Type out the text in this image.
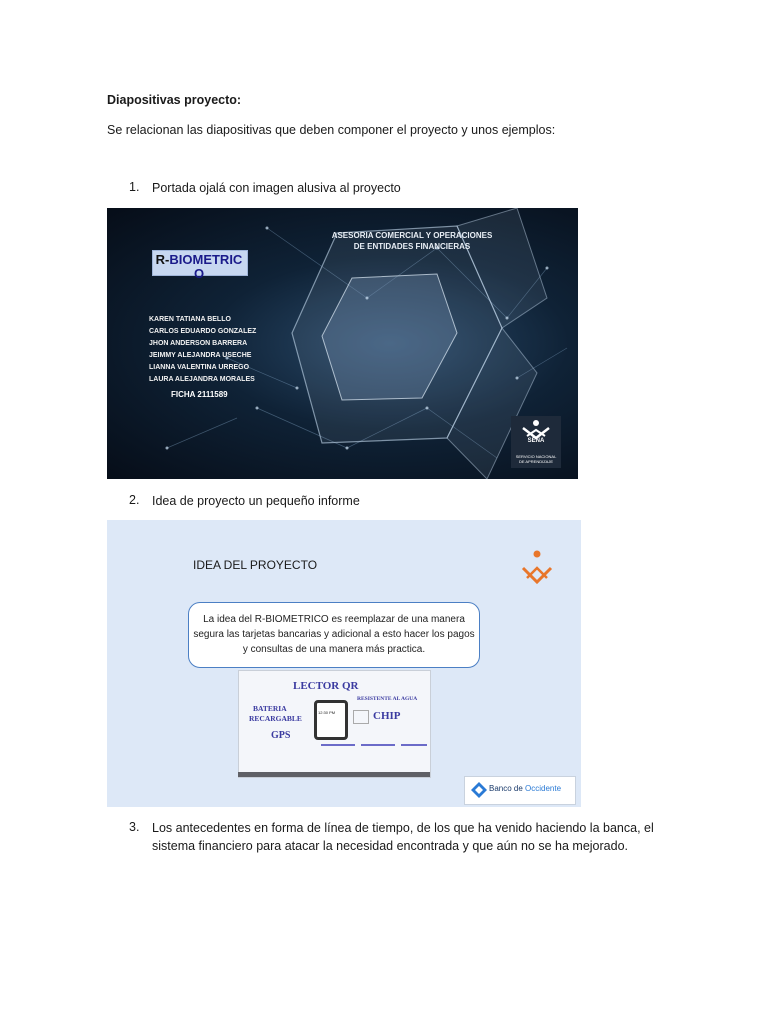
Diapositivas proyecto:
Se relacionan las diapositivas que deben componer el proyecto y unos ejemplos:
1. Portada ojalá con imagen alusiva al proyecto
ASESORIA COMERCIAL Y OPERACIONES
DE ENTIDADES FINANCIERAS
R-BIOMETRICO
KAREN TATIANA BELLO
CARLOS EDUARDO GONZALEZ
JHON ANDERSON BARRERA
JEIMMY ALEJANDRA USECHE
LIANNA VALENTINA URREGO
LAURA ALEJANDRA MORALES
FICHA 2111589
SENA
SERVICIO NACIONAL DE APRENDIZAJE
2. Idea de proyecto un pequeño informe
IDEA DEL PROYECTO
La idea del R-BIOMETRICO es reemplazar de una manera segura las tarjetas bancarias y adicional a esto hacer los pagos y consultas de una manera más practica.
LECTOR QR
RESISTENTE AL AGUA
BATERIA
RECARGABLE	CHIP
GPS
12:30 PM
Banco de Occidente
3. Los antecedentes en forma de línea de tiempo, de los que ha venido haciendo la banca, el
sistema financiero para atacar la necesidad encontrada y que aún no se ha mejorado.
